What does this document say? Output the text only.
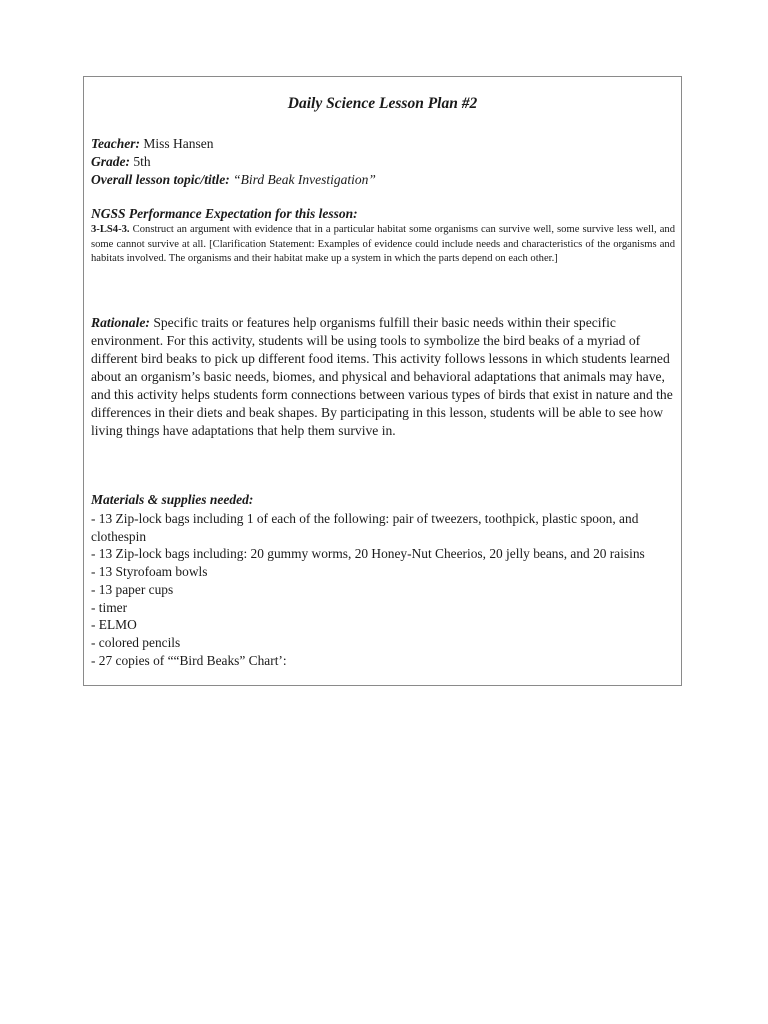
Daily Science Lesson Plan #2
Teacher: Miss Hansen
Grade: 5th
Overall lesson topic/title: “Bird Beak Investigation”
NGSS Performance Expectation for this lesson:
3-LS4-3. Construct an argument with evidence that in a particular habitat some organisms can survive well, some survive less well, and some cannot survive at all. [Clarification Statement: Examples of evidence could include needs and characteristics of the organisms and habitats involved. The organisms and their habitat make up a system in which the parts depend on each other.]
Rationale: Specific traits or features help organisms fulfill their basic needs within their specific environment. For this activity, students will be using tools to symbolize the bird beaks of a myriad of different bird beaks to pick up different food items. This activity follows lessons in which students learned about an organism’s basic needs, biomes, and physical and behavioral adaptations that animals may have, and this activity helps students form connections between various types of birds that exist in nature and the differences in their diets and beak shapes. By participating in this lesson, students will be able to see how living things have adaptations that help them survive in.
Materials & supplies needed:
- 13 Zip-lock bags including 1 of each of the following: pair of tweezers, toothpick, plastic spoon, and clothespin
- 13 Zip-lock bags including: 20 gummy worms, 20 Honey-Nut Cheerios, 20 jelly beans, and 20 raisins
- 13 Styrofoam bowls
- 13 paper cups
- timer
- ELMO
- colored pencils
- 27 copies of ““Bird Beaks” Chart’:
